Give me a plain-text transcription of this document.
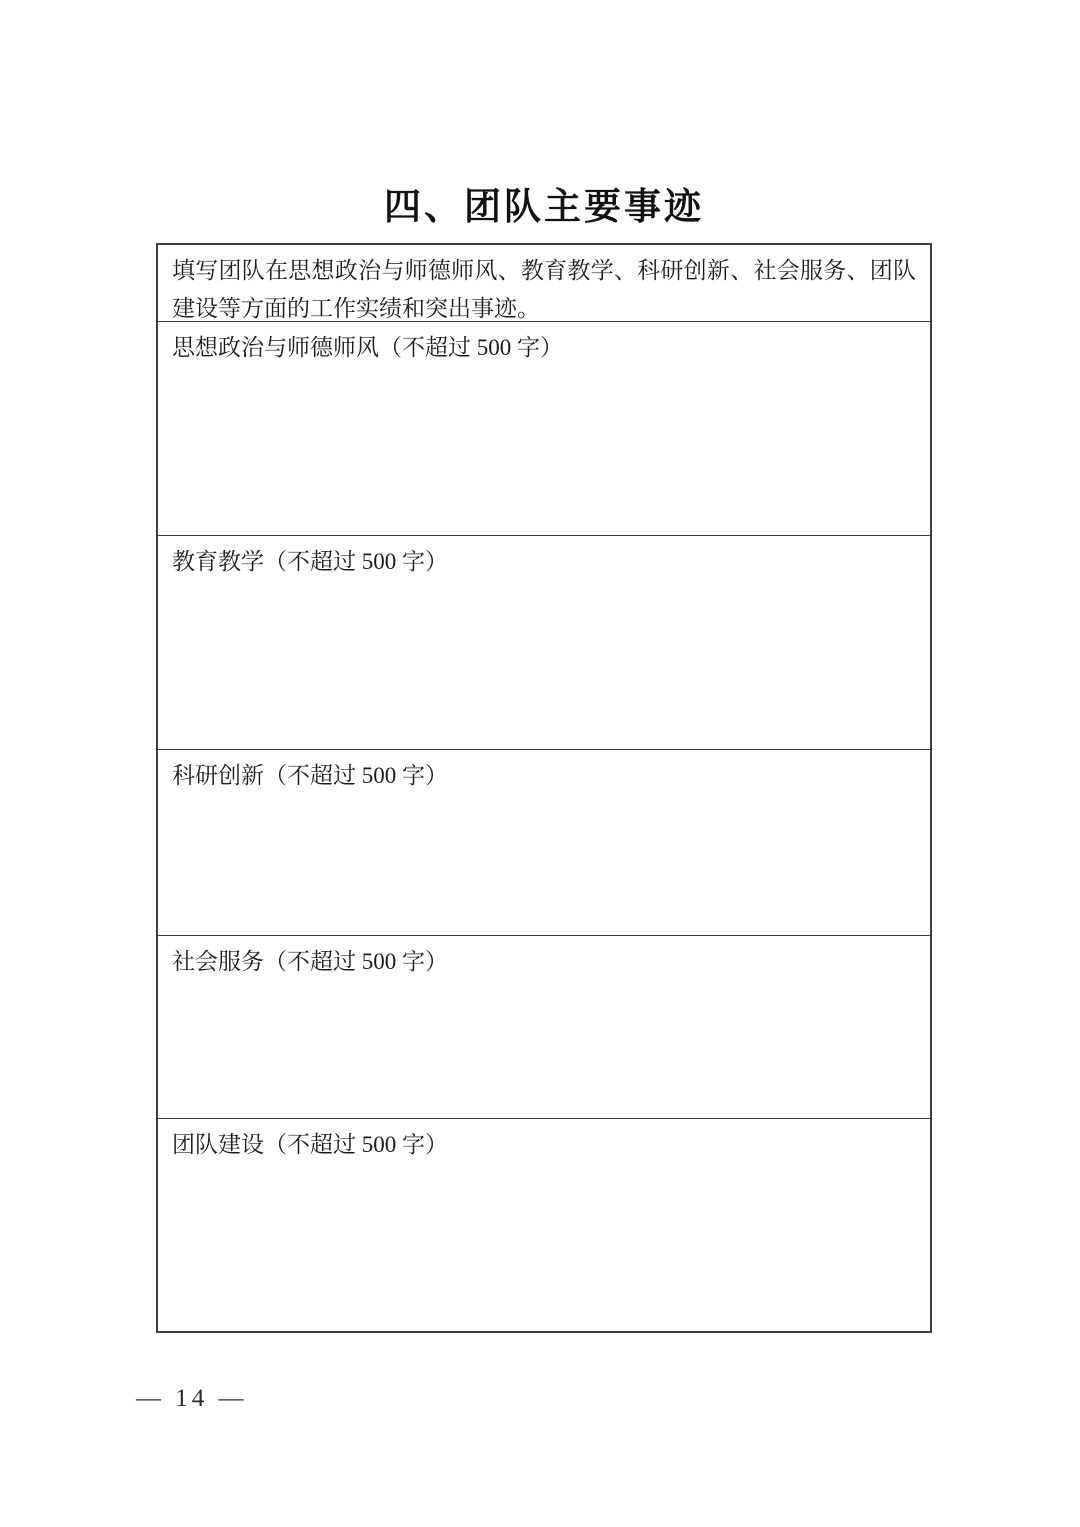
四、团队主要事迹
填写团队在思想政治与师德师风、教育教学、科研创新、社会服务、团队建设等方面的工作实绩和突出事迹。
思想政治与师德师风（不超过 500 字）
教育教学（不超过 500 字）
科研创新（不超过 500 字）
社会服务（不超过 500 字）
团队建设（不超过 500 字）
— 14 —
